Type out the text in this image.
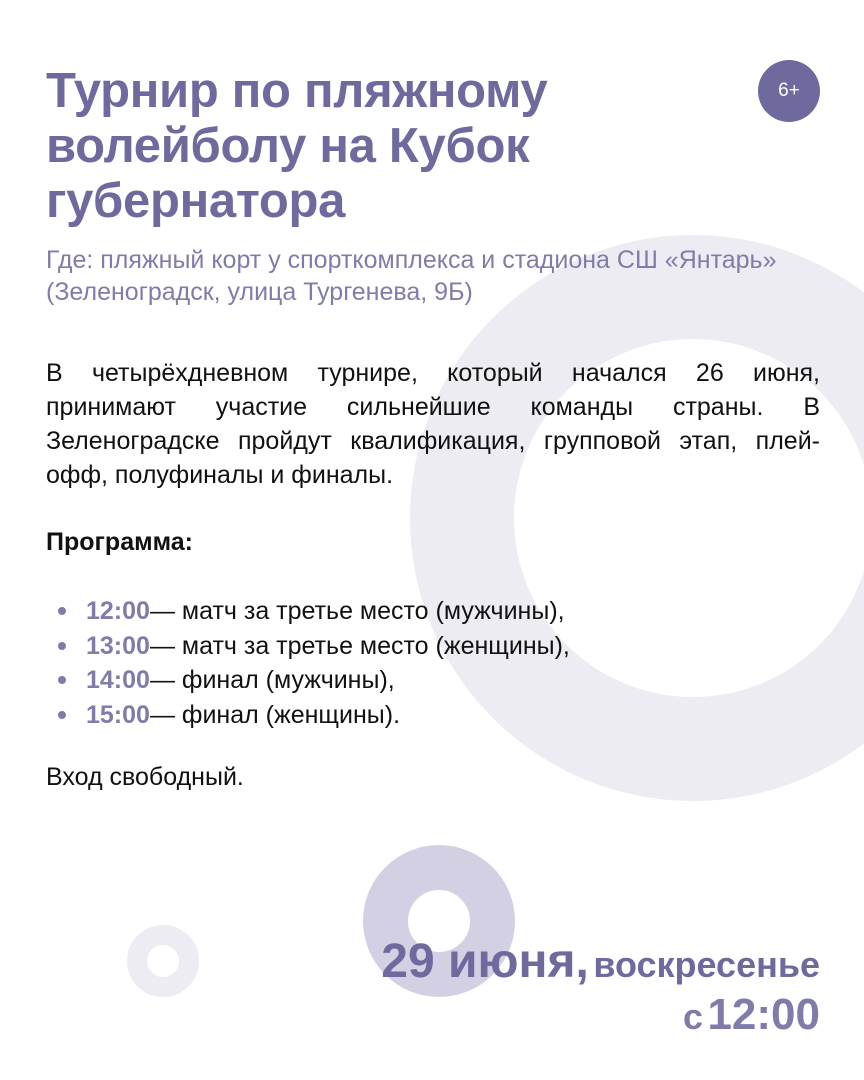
Турнир по пляжному волейболу на Кубок губернатора
6+

Где: пляжный корт у спорткомплекса и стадиона СШ «Янтарь» (Зеленоградск, улица Тургенева, 9Б)

В четырёхдневном турнире, который начался 26 июня, принимают участие сильнейшие команды страны. В Зеленоградске пройдут квалификация, групповой этап, плей-офф, полуфиналы и финалы.

Программа:
12:00 — матч за третье место (мужчины),
13:00 — матч за третье место (женщины),
14:00 — финал (мужчины),
15:00 — финал (женщины).
Вход свободный.
29 июня, воскресенье
с 12:00
